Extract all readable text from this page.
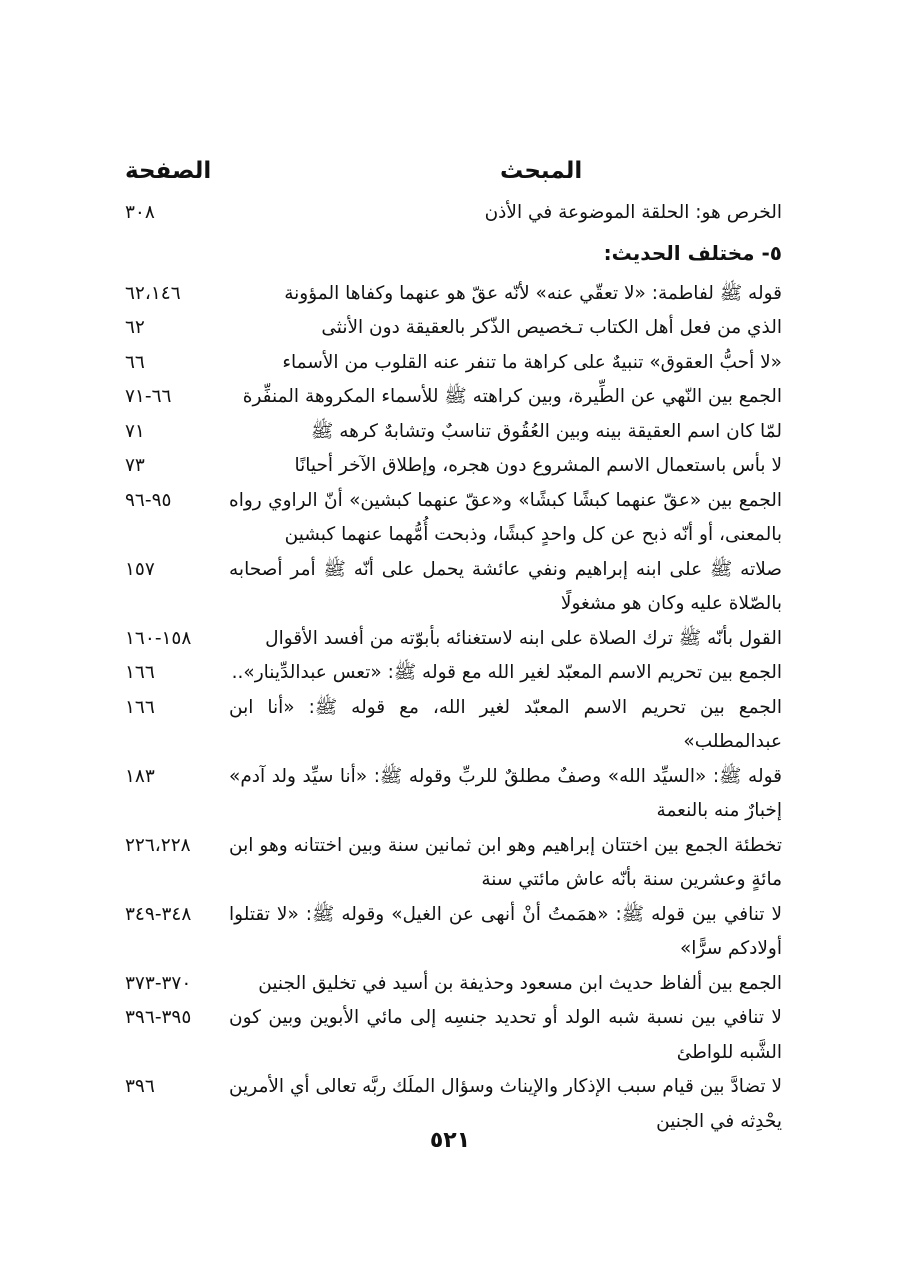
المبحث
الصفحة
الخرص هو: الحلقة الموضوعة في الأذن
٣٠٨
٥- مختلف الحديث:
قوله ﷺ لفاطمة: «لا تعقّي عنه» لأنّه عقّ هو عنهما وكفاها المؤونة
٦٢،١٤٦
الذي من فعل أهل الكتاب تـخصيص الذّكر بالعقيقة دون الأنثى
٦٢
«لا أحبُّ العقوق» تنبيهٌ على كراهة ما تنفر عنه القلوب من الأسماء
٦٦
الجمع بين النّهي عن الطِّيرة، وبين كراهته ﷺ للأسماء المكروهة المنفِّرة
٦٦-٧١
لمّا كان اسم العقيقة بينه وبين العُقُوق تناسبٌ وتشابهٌ كرهه ﷺ
٧١
لا بأس باستعمال الاسم المشروع دون هجره، وإطلاق الآخر أحيانًا
٧٣
الجمع بين «عقّ عنهما كبشًا كبشًا» و«عقّ عنهما كبشين» أنّ الراوي رواه بالمعنى، أو أنّه ذبح عن كل واحدٍ كبشًا، وذبحت أُمُّهما عنهما كبشين
٩٥-٩٦
صلاته ﷺ على ابنه إبراهيم ونفي عائشة يحمل على أنّه ﷺ أمر أصحابه بالصّلاة عليه وكان هو مشغولًا
١٥٧
القول بأنّه ﷺ ترك الصلاة على ابنه لاستغنائه بأبوّته من أفسد الأقوال
١٥٨-١٦٠
الجمع بين تحريم الاسم المعبّد لغير الله مع قوله ﷺ: «تعس عبدالدِّينار»..
١٦٦
الجمع بين تحريم الاسم المعبّد لغير الله، مع قوله ﷺ: «أنا ابن عبدالمطلب»
١٦٦
قوله ﷺ: «السيِّد الله» وصفٌ مطلقٌ للربِّ وقوله ﷺ: «أنا سيِّد ولد آدم» إخبارٌ منه بالنعمة
١٨٣
تخطئة الجمع بين اختتان إبراهيم وهو ابن ثمانين سنة وبين اختتانه وهو ابن مائةٍ وعشرين سنة بأنّه عاش مائتي سنة
٢٢٦،٢٢٨
لا تنافي بين قوله ﷺ: «همَمتُ أنْ أنهى عن الغيل» وقوله ﷺ: «لا تقتلوا أولادكم سرًّا»
٣٤٨-٣٤٩
الجمع بين ألفاظ حديث ابن مسعود وحذيفة بن أسيد في تخليق الجنين
٣٧٠-٣٧٣
لا تنافي بين نسبة شبه الولد أو تحديد جنسِه إلى مائي الأبوين وبين كون الشَّبه للواطئ
٣٩٥-٣٩٦
لا تضادَّ بين قيام سبب الإذكار والإيناث وسؤال الملَك ربَّه تعالى أي الأمرين يحْدِثه في الجنين
٣٩٦
٥٢١
